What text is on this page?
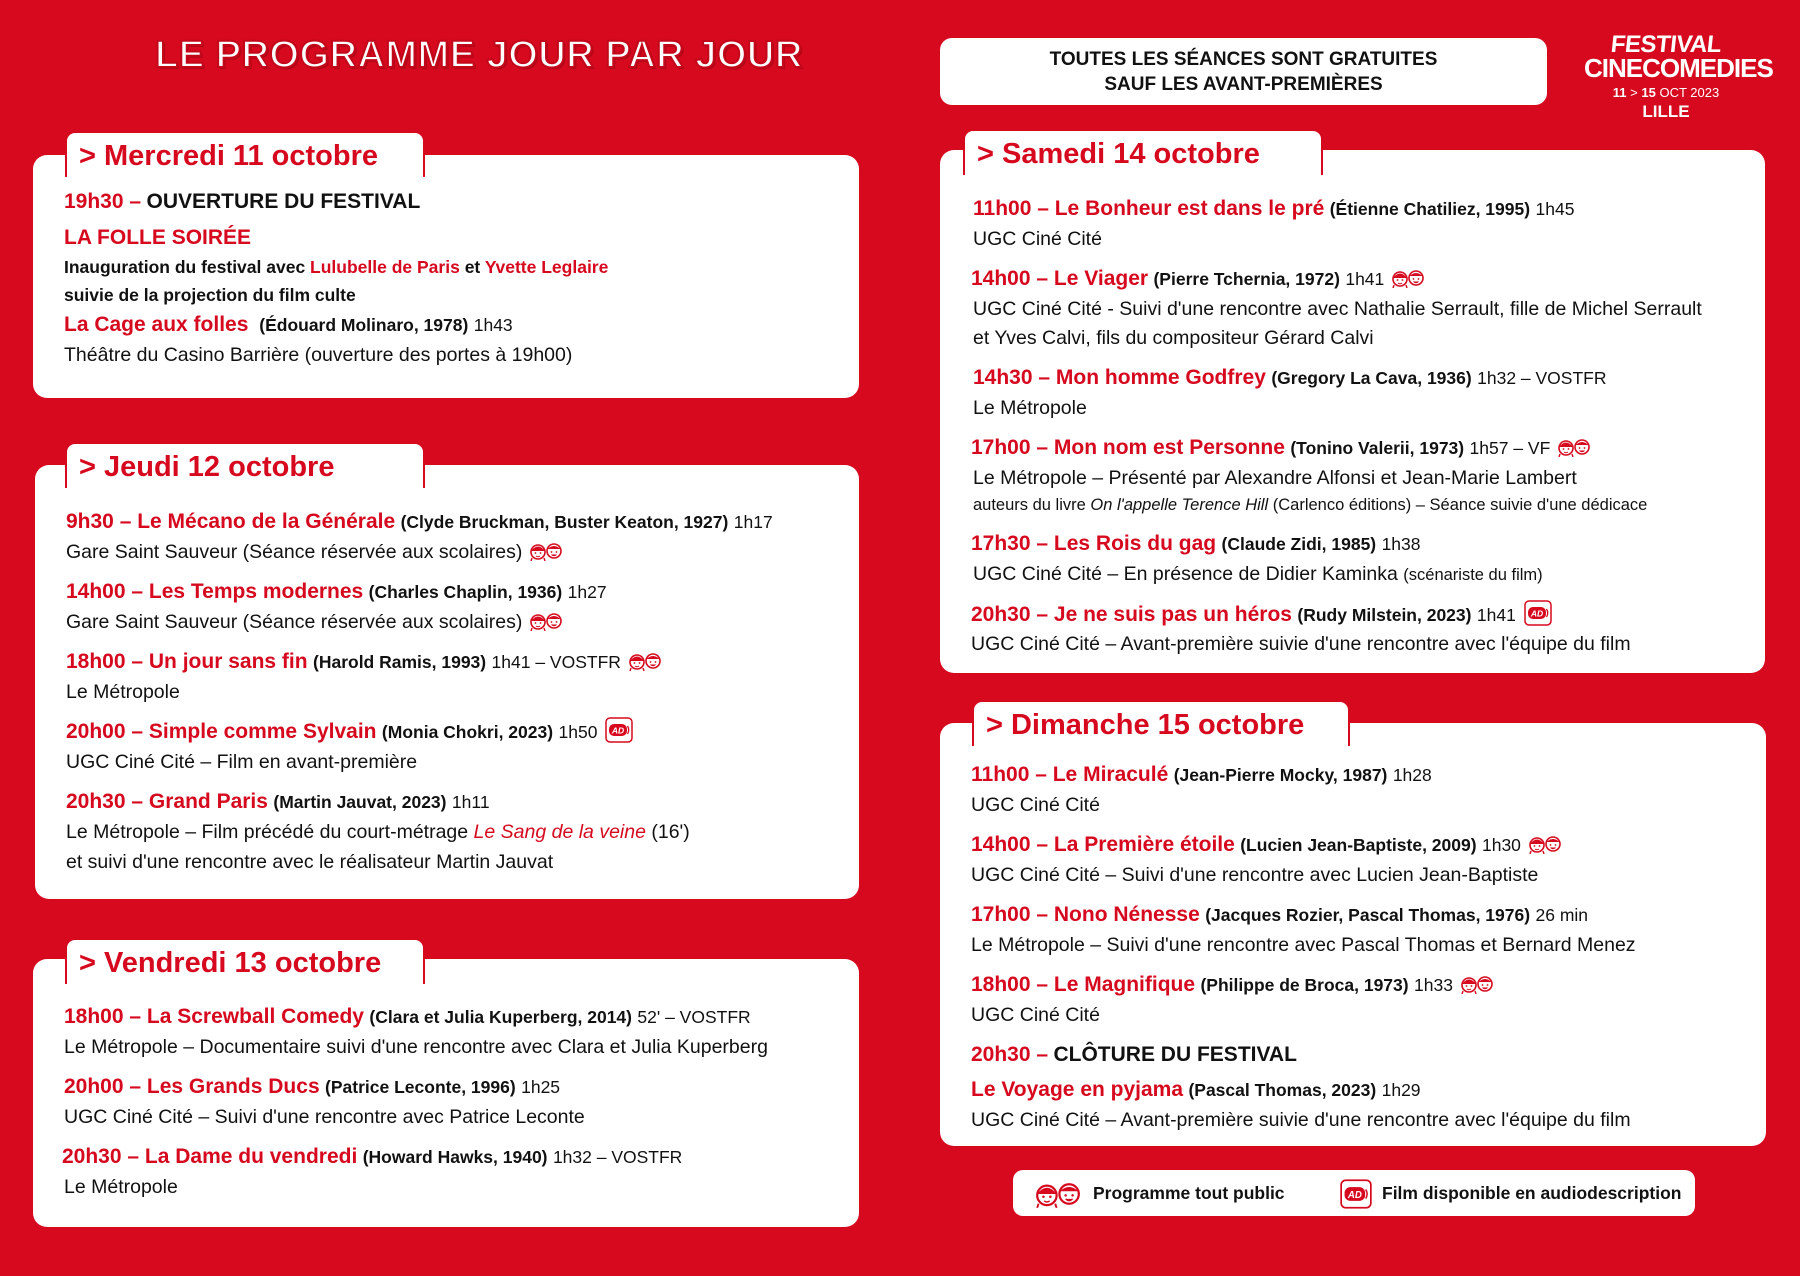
LE PROGRAMME JOUR PAR JOUR	TOUTES LES SÉANCES SONT GRATUITES
SAUF LES AVANT-PREMIÈRES
FESTIVAL
CINECOMEDIES
11 > 15 OCT 2023
LILLE
> Mercredi 11 octobre
19h30 – OUVERTURE DU FESTIVAL
LA FOLLE SOIRÉE
Inauguration du festival avec Lulubelle de Paris et Yvette Leglaire
suivie de la projection du film culte
La Cage aux folles (Édouard Molinaro, 1978) 1h43
Théâtre du Casino Barrière (ouverture des portes à 19h00)
> Jeudi 12 octobre
9h30 – Le Mécano de la Générale (Clyde Bruckman, Buster Keaton, 1927) 1h17
Gare Saint Sauveur (Séance réservée aux scolaires)
14h00 – Les Temps modernes (Charles Chaplin, 1936) 1h27
Gare Saint Sauveur (Séance réservée aux scolaires)
18h00 – Un jour sans fin (Harold Ramis, 1993) 1h41 – VOSTFR
Le Métropole
20h00 – Simple comme Sylvain (Monia Chokri, 2023) 1h50
UGC Ciné Cité – Film en avant-première
20h30 – Grand Paris (Martin Jauvat, 2023) 1h11
Le Métropole – Film précédé du court-métrage Le Sang de la veine (16')
et suivi d'une rencontre avec le réalisateur Martin Jauvat
> Vendredi 13 octobre
18h00 – La Screwball Comedy (Clara et Julia Kuperberg, 2014) 52' – VOSTFR
Le Métropole – Documentaire suivi d'une rencontre avec Clara et Julia Kuperberg
20h00 – Les Grands Ducs (Patrice Leconte, 1996) 1h25
UGC Ciné Cité – Suivi d'une rencontre avec Patrice Leconte
20h30 – La Dame du vendredi (Howard Hawks, 1940) 1h32 – VOSTFR
Le Métropole
> Samedi 14 octobre
11h00 – Le Bonheur est dans le pré (Étienne Chatiliez, 1995) 1h45
UGC Ciné Cité
14h00 – Le Viager (Pierre Tchernia, 1972) 1h41
UGC Ciné Cité - Suivi d'une rencontre avec Nathalie Serrault, fille de Michel Serrault
et Yves Calvi, fils du compositeur Gérard Calvi
14h30 – Mon homme Godfrey (Gregory La Cava, 1936) 1h32 – VOSTFR
Le Métropole
17h00 – Mon nom est Personne (Tonino Valerii, 1973) 1h57 – VF
Le Métropole – Présenté par Alexandre Alfonsi et Jean-Marie Lambert
auteurs du livre On l'appelle Terence Hill (Carlenco éditions) – Séance suivie d'une dédicace
17h30 – Les Rois du gag (Claude Zidi, 1985) 1h38
UGC Ciné Cité – En présence de Didier Kaminka (scénariste du film)
20h30 – Je ne suis pas un héros (Rudy Milstein, 2023) 1h41
UGC Ciné Cité – Avant-première suivie d'une rencontre avec l'équipe du film
> Dimanche 15 octobre
11h00 – Le Miraculé (Jean-Pierre Mocky, 1987) 1h28
UGC Ciné Cité
14h00 – La Première étoile (Lucien Jean-Baptiste, 2009) 1h30
UGC Ciné Cité – Suivi d'une rencontre avec Lucien Jean-Baptiste
17h00 – Nono Nénesse (Jacques Rozier, Pascal Thomas, 1976) 26 min
Le Métropole – Suivi d'une rencontre avec Pascal Thomas et Bernard Menez
18h00 – Le Magnifique (Philippe de Broca, 1973) 1h33
UGC Ciné Cité
20h30 – CLÔTURE DU FESTIVAL
Le Voyage en pyjama (Pascal Thomas, 2023) 1h29
UGC Ciné Cité – Avant-première suivie d'une rencontre avec l'équipe du film
Programme tout public	Film disponible en audiodescription
